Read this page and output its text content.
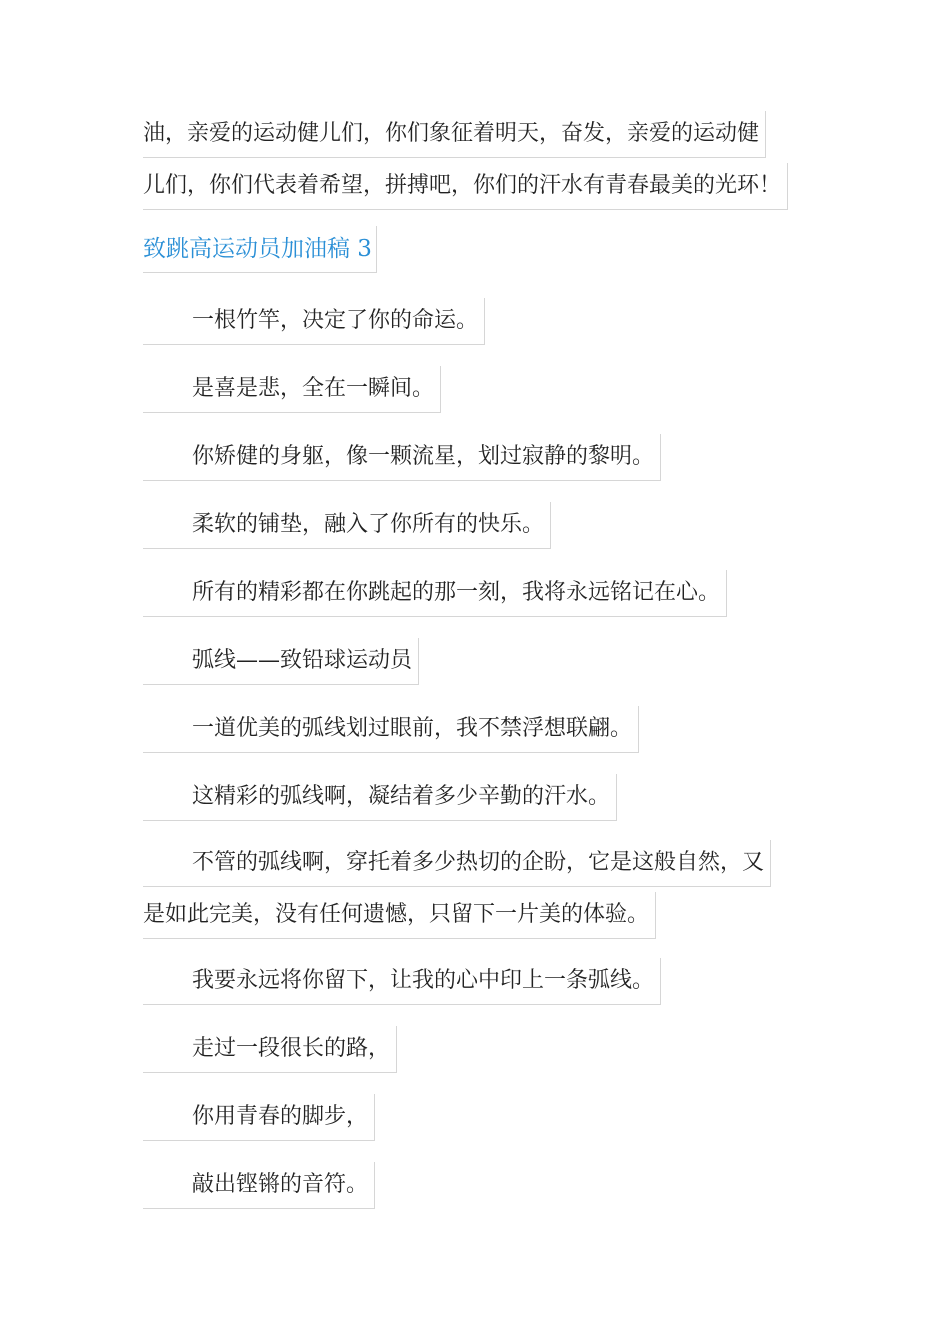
油，亲爱的运动健儿们，你们象征着明天，奋发，亲爱的运动健
儿们，你们代表着希望，拼搏吧，你们的汗水有青春最美的光环！
致跳高运动员加油稿 3
一根竹竿，决定了你的命运。
是喜是悲，全在一瞬间。
你矫健的身躯，像一颗流星，划过寂静的黎明。
柔软的铺垫，融入了你所有的快乐。
所有的精彩都在你跳起的那一刻，我将永远铭记在心。
弧线——致铅球运动员
一道优美的弧线划过眼前，我不禁浮想联翩。
这精彩的弧线啊，凝结着多少辛勤的汗水。
不管的弧线啊，穿托着多少热切的企盼，它是这般自然，又
是如此完美，没有任何遗憾，只留下一片美的体验。
我要永远将你留下，让我的心中印上一条弧线。
走过一段很长的路，
你用青春的脚步，
敲出铿锵的音符。
